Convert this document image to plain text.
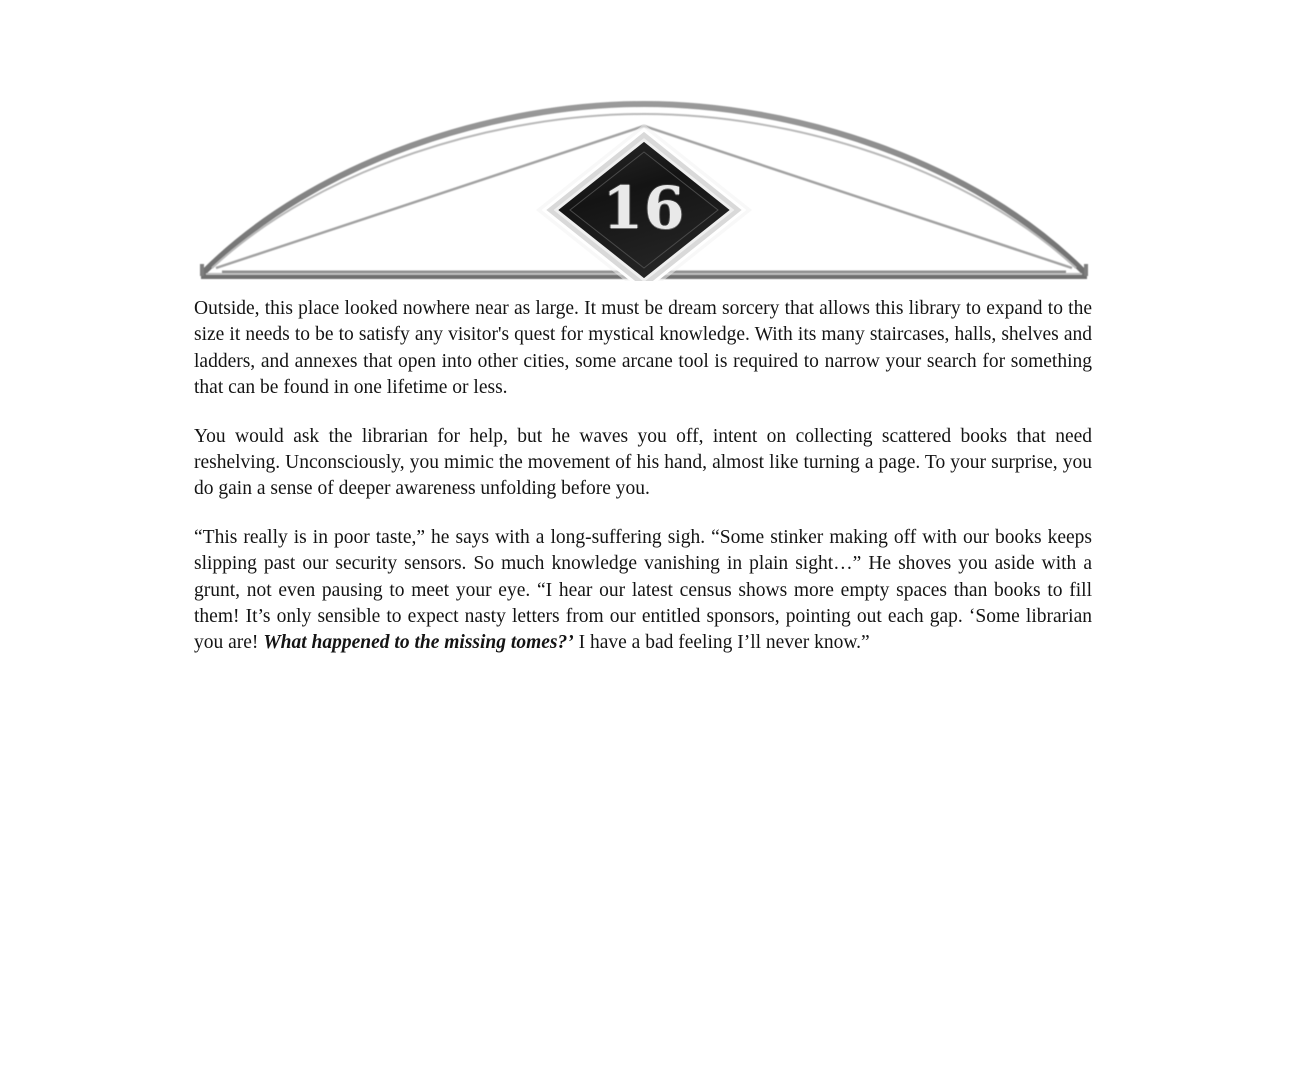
16

Outside, this place looked nowhere near as large. It must be dream sorcery that allows this library to expand to the size it needs to be to satisfy any visitor's quest for mystical knowledge. With its many staircases, halls, shelves and ladders, and annexes that open into other cities, some arcane tool is required to narrow your search for something that can be found in one lifetime or less.

You would ask the librarian for help, but he waves you off, intent on collecting scattered books that need reshelving. Unconsciously, you mimic the movement of his hand, almost like turning a page. To your surprise, you do gain a sense of deeper awareness unfolding before you.

“This really is in poor taste,” he says with a long-suffering sigh. “Some stinker making off with our books keeps slipping past our security sensors. So much knowledge vanishing in plain sight…” He shoves you aside with a grunt, not even pausing to meet your eye. “I hear our latest census shows more empty spaces than books to fill them! It’s only sensible to expect nasty letters from our entitled sponsors, pointing out each gap. ‘Some librarian you are! What happened to the missing tomes?’ I have a bad feeling I’ll never know.”
